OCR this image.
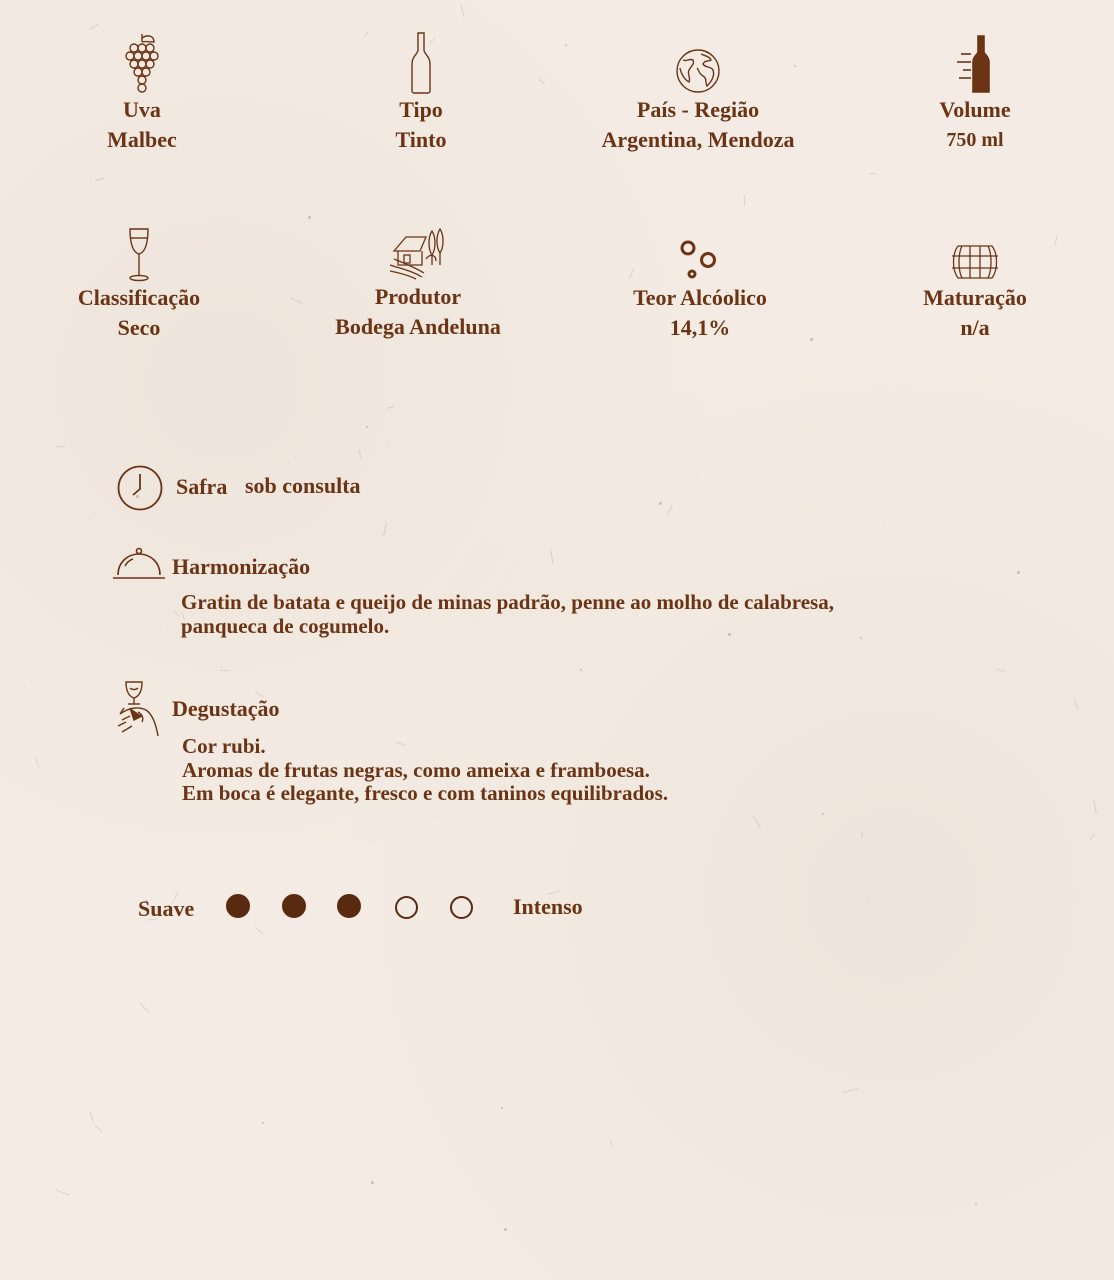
Uva
Malbec
Tipo
Tinto
País - Região
Argentina, Mendoza
Volume
750 ml
Classificação
Seco
Produtor
Bodega Andeluna
Teor Alcóolico
14,1%
Maturação
n/a
Safra sob consulta
Harmonização
Gratin de batata e queijo de minas padrão, penne ao molho de calabresa,
panqueca de cogumelo.
Degustação
Cor rubi.
Aromas de frutas negras, como ameixa e framboesa.
Em boca é elegante, fresco e com taninos equilibrados.
Suave	Intenso
